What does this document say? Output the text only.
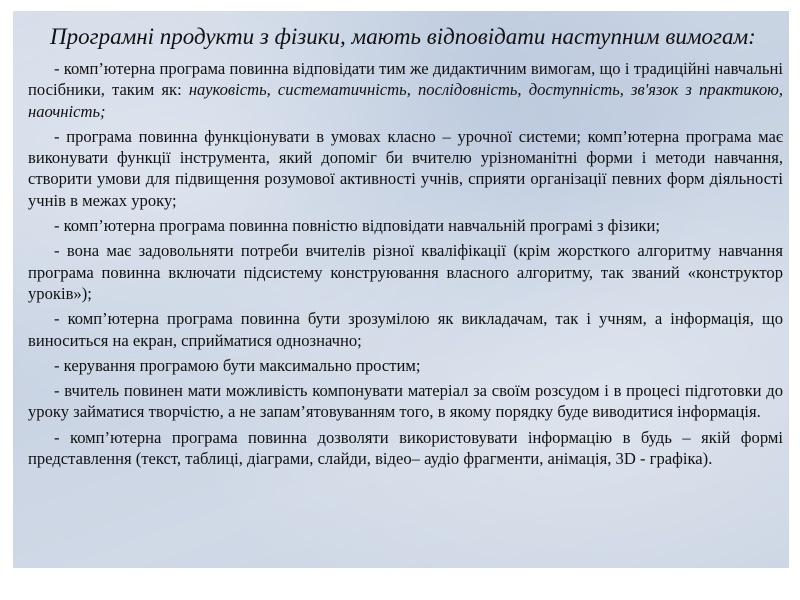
Програмні продукти з фізики, мають відповідати наступним вимогам:

- комп’ютерна програма повинна відповідати тим же дидактичним вимогам, що і традиційні навчальні посібники, таким як: науковість, систематичність, послідовність, доступність, зв'язок з практикою, наочність;

- програма повинна функціонувати в умовах класно – урочної системи; комп’ютерна програма має виконувати функції інструмента, який допоміг би вчителю урізноманітні форми і методи навчання, створити умови для підвищення розумової активності учнів, сприяти організації певних форм діяльності учнів в межах уроку;

- комп’ютерна програма повинна повністю відповідати навчальній програмі з фізики;

- вона має задовольняти потреби вчителів різної кваліфікації (крім жорсткого алгоритму навчання програма повинна включати підсистему конструювання власного алгоритму, так званий «конструктор уроків»);

- комп’ютерна програма повинна бути зрозумілою як викладачам, так і учням, а інформація, що виноситься на екран, сприйматися однозначно;

- керування програмою бути максимально простим;

- вчитель повинен мати можливість компонувати матеріал за своїм розсудом і в процесі підготовки до уроку займатися творчістю, а не запам’ятовуванням того, в якому порядку буде виводитися інформація.

- комп’ютерна програма повинна дозволяти використовувати інформацію в будь – якій формі представлення (текст, таблиці, діаграми, слайди, відео– аудіо фрагменти, анімація, 3D - графіка).
